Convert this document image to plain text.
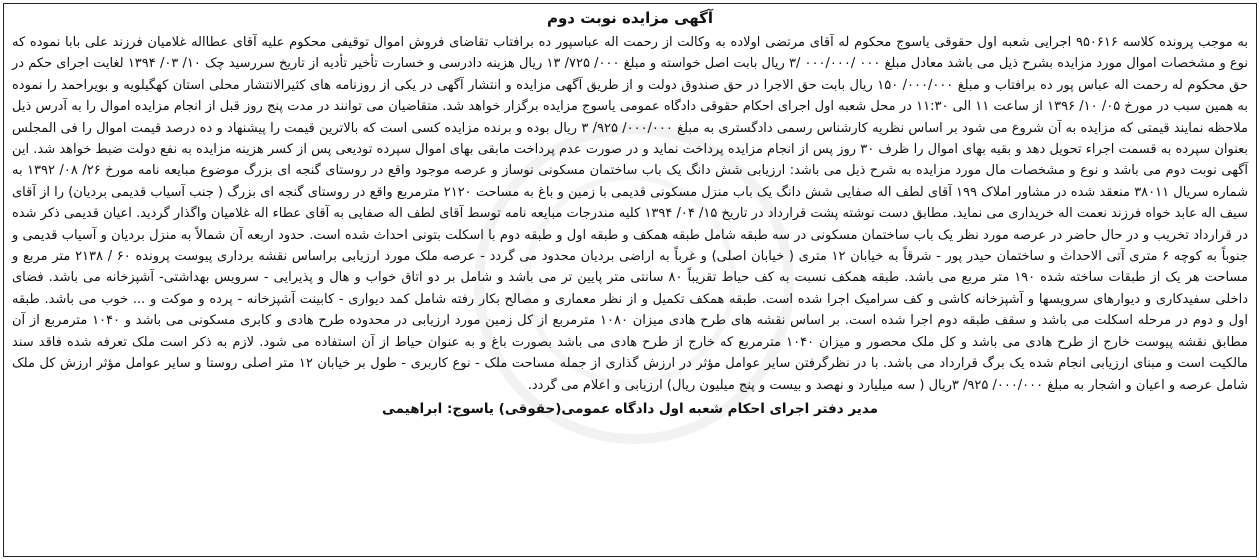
آگهی مزایده نوبت دوم

به موجب پرونده کلاسه ۹۵۰۶۱۶ اجرایی شعبه اول حقوقی یاسوج محکوم له آقای مرتضی اولاده به وکالت از رحمت اله عباسپور ده برافتاب تقاضای فروش اموال توقیفی محکوم علیه آقای عطااله غلامیان فرزند علی بابا نموده که نوع و مشخصات اموال مورد مزایده بشرح ذیل می باشد معادل مبلغ ۰۰۰ /۰۰۰/۰۰۰ /۳ ریال بابت اصل خواسته و مبلغ ۰۰۰/ ۷۲۵/ ۱۳ ریال هزینه دادرسی و خسارت تأخیر تأدیه از تاریخ سررسید چک ۱۰/ ۰۳/ ۱۳۹۴ لغایت اجرای حکم در حق محکوم له رحمت اله عباس پور ده برافتاب و مبلغ ۰۰۰/۰۰۰/ ۱۵۰ ریال بابت حق الاجرا در حق صندوق دولت و از طریق آگهی مزایده و انتشار آگهی در یکی از روزنامه های کثیرالانتشار محلی استان کهگیلویه و بویراحمد را نموده به همین سبب در مورخ ۰۵/ ۱۰/ ۱۳۹۶ از ساعت ۱۱ الی ۱۱:۳۰ در محل شعبه اول اجرای احکام حقوقی دادگاه عمومی یاسوج مزایده برگزار خواهد شد. متقاضیان می توانند در مدت پنج روز قبل از انجام مزایده اموال را به آدرس ذیل ملاحظه نمایند قیمتی که مزایده به آن شروع می شود بر اساس نظریه کارشناس رسمی دادگستری به مبلغ ۰۰۰/۰۰۰/ ۹۲۵/ ۳ ریال بوده و برنده مزایده کسی است که بالاترین قیمت را پیشنهاد و ده درصد قیمت اموال را فی المجلس بعنوان سپرده به قسمت اجراء تحویل دهد و بقیه بهای اموال را ظرف ۳۰ روز پس از انجام مزایده پرداخت نماید و در صورت عدم پرداخت مابقی بهای اموال سپرده تودیعی پس از کسر هزینه مزایده به نفع دولت ضبط خواهد شد. این آگهی نوبت دوم می باشد و نوع و مشخصات مال مورد مزایده به شرح ذیل می باشد: ارزیابی شش دانگ یک باب ساختمان مسکونی نوساز و عرصه موجود واقع در روستای گنجه ای بزرگ موضوع مبایعه نامه مورخ ۲۶/ ۰۸/ ۱۳۹۲ به شماره سریال ۳۸۰۱۱ منعقد شده در مشاور املاک ۱۹۹ آقای لطف اله صفایی شش دانگ یک باب منزل مسکونی قدیمی با زمین و باغ به مساحت ۲۱۲۰ مترمربع واقع در روستای گنجه ای بزرگ ( جنب آسیاب قدیمی بردیان) را از آقای سیف اله عابد خواه فرزند نعمت اله خریداری می نماید. مطابق دست نوشته پشت قرارداد در تاریخ ۱۵/ ۰۴/ ۱۳۹۴ کلیه مندرجات مبایعه نامه توسط آقای لطف اله صفایی به آقای عطاء اله غلامیان واگذار گردید. اعیان قدیمی ذکر شده در قرارداد تخریب و در حال حاضر در عرصه مورد نظر یک باب ساختمان مسکونی در سه طبقه شامل طبقه همکف و طبقه اول و طبقه دوم با اسکلت بتونی احداث شده است. حدود اربعه آن شمالاً به منزل بردیان و آسیاب قدیمی و جنوباً به کوچه ۶ متری آتی الاحداث و ساختمان حیدر پور - شرقاً به خیابان ۱۲ متری ( خیابان اصلی) و غرباً به اراضی بردیان محدود می گردد - عرصه ملک مورد ارزیابی براساس نقشه برداری پیوست پرونده ۶۰ / ۲۱۳۸ متر مربع و مساحت هر یک از طبقات ساخته شده ۱۹۰ متر مربع می باشد. طبقه همکف نسبت به کف حیاط تقریباً ۸۰ سانتی متر پایین تر می باشد و شامل بر دو اتاق خواب و هال و پذیرایی - سرویس بهداشتی- آشپزخانه می باشد. فضای داخلی سفیدکاری و دیوارهای سرویسها و آشپزخانه کاشی و کف سرامیک اجرا شده است. طبقه همکف تکمیل و از نظر معماری و مصالح بکار رفته شامل کمد دیواری - کابینت آشپزخانه - پرده و موکت و ... خوب می باشد. طبقه اول و دوم در مرحله اسکلت می باشد و سقف طبقه دوم اجرا شده است. بر اساس نقشه های طرح هادی میزان ۱۰۸۰ مترمربع از کل زمین مورد ارزیابی در محدوده طرح هادی و کابری مسکونی می باشد و ۱۰۴۰ مترمربع از آن مطابق نقشه پیوست خارج از طرح هادی می باشد و کل ملک محصور و میزان ۱۰۴۰ مترمربع که خارج از طرح هادی می باشد بصورت باغ و به عنوان حیاط از آن استفاده می شود. لازم به ذکر است ملک تعرفه شده فاقد سند مالکیت است و مبنای ارزیابی انجام شده یک برگ قرارداد می باشد. با در نظرگرفتن سایر عوامل مؤثر در ارزش گذاری از جمله مساحت ملک - نوع کاربری - طول بر خیابان ۱۲ متر اصلی روستا و سایر عوامل مؤثر ارزش کل ملک شامل عرصه و اعیان و اشجار به مبلغ ۰۰۰/۰۰۰/ ۹۲۵/ ۳ریال ( سه میلیارد و نهصد و بیست و پنج میلیون ریال) ارزیابی و اعلام می گردد.

مدیر دفتر اجرای احکام شعبه اول دادگاه عمومی(حقوقی) یاسوج: ابراهیمی
